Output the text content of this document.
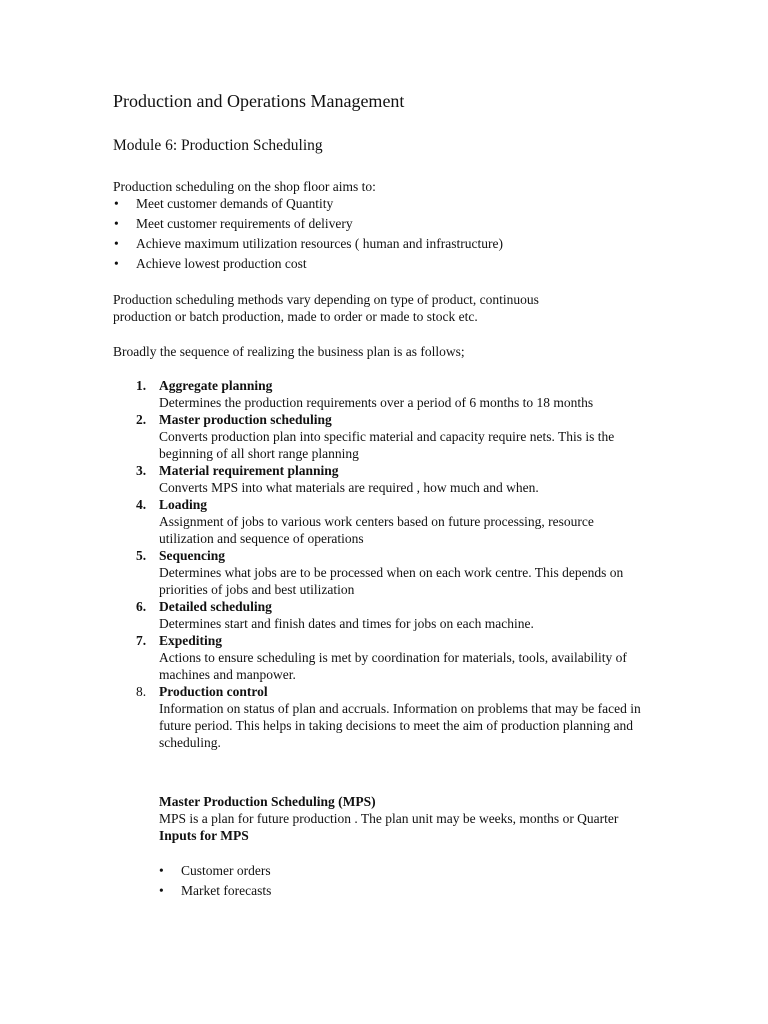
Production and Operations Management
Module 6: Production Scheduling
Production scheduling on the shop floor aims to:
• Meet customer demands of Quantity
• Meet customer requirements of delivery
• Achieve maximum utilization resources ( human and infrastructure)
• Achieve lowest production cost
Production scheduling methods vary depending on type of product, continuous
production or batch production, made to order or made to stock etc.
Broadly the sequence of realizing the business plan is as follows;
1. Aggregate planning
Determines the production requirements over a period of 6 months to 18 months
2. Master production scheduling
Converts production plan into specific material and capacity require nets. This is the beginning of all short range planning
3. Material requirement planning
Converts MPS into what materials are required , how much and when.
4. Loading
Assignment of jobs to various work centers based on future processing, resource utilization and sequence of operations
5. Sequencing
Determines what jobs are to be processed when on each work centre. This depends on priorities of jobs and best utilization
6. Detailed scheduling
Determines start and finish dates and times for jobs on each machine.
7. Expediting
Actions to ensure scheduling is met by coordination for materials, tools, availability of machines and manpower.
8. Production control
Information on status of plan and accruals. Information on problems that may be faced in future period. This helps in taking decisions to meet the aim of production planning and scheduling.
Master Production Scheduling (MPS)
MPS is a plan for future production . The plan unit may be weeks, months or Quarter
Inputs for MPS
• Customer orders
• Market forecasts
